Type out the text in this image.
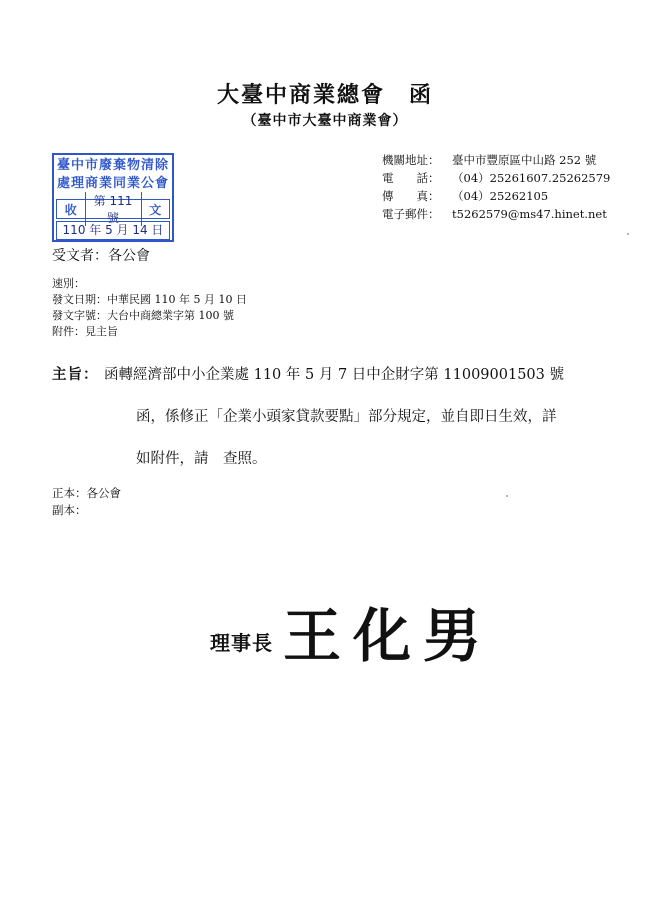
大臺中商業總會　函
（臺中市大臺中商業會）
臺中市廢棄物清除
處理商業同業公會
收
第 111　號
文
110 年 5 月 14 日
機關地址： 臺中市豐原區中山路 252 號
電　　話： （04）25261607.25262579
傳　　真： （04）25262105
電子郵件： t5262579@ms47.hinet.net
受文者：各公會
速別：
發文日期：中華民國 110 年 5 月 10 日
發文字號：大台中商總業字第 100 號
附件：見主旨
主旨： 函轉經濟部中小企業處 110 年 5 月 7 日中企財字第 11009001503 號
函，係修正「企業小頭家貸款要點」部分規定，並自即日生效，詳
如附件，請　查照。
正本：各公會
副本：
理事長 王化男
